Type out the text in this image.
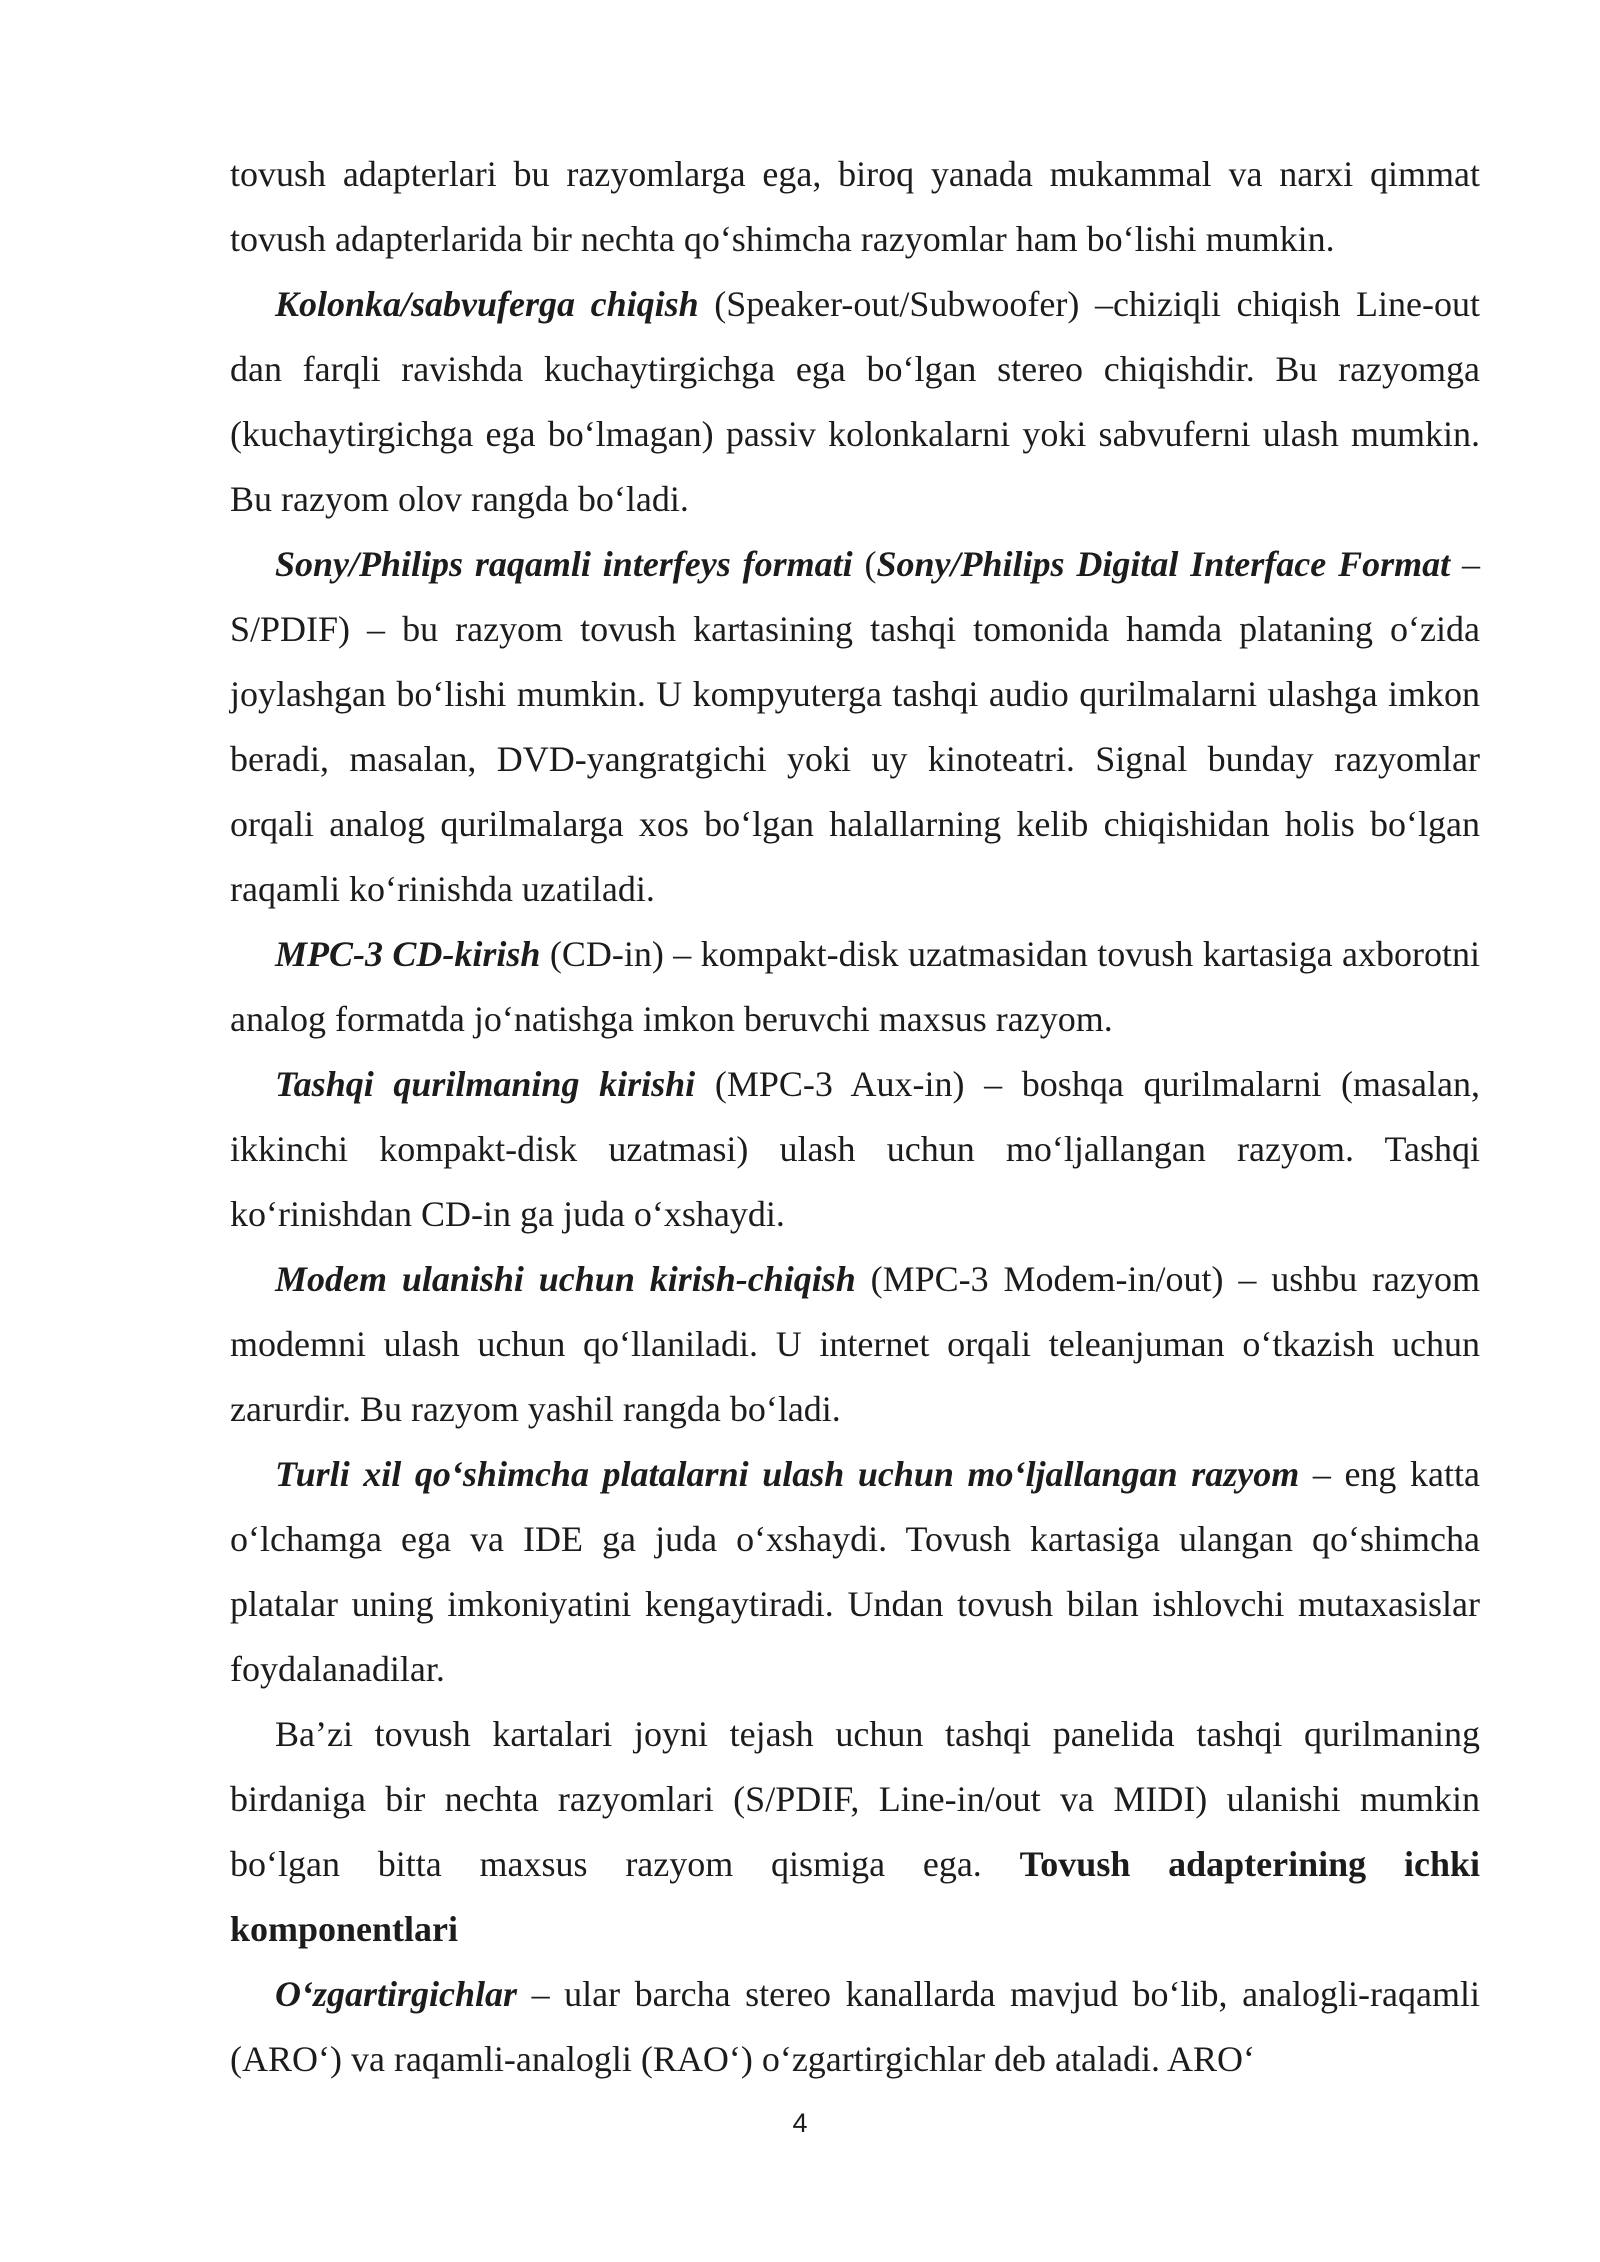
tovush adapterlari bu razyomlarga ega, biroq yanada mukammal va narxi qimmat tovush adapterlarida bir nechta qo‘shimcha razyomlar ham bo‘lishi mumkin.

Kolonka/sabvuferga chiqish (Speaker-out/Subwoofer) –chiziqli chiqish Line-out dan farqli ravishda kuchaytirgichga ega bo‘lgan stereo chiqishdir. Bu razyomga (kuchaytirgichga ega bo‘lmagan) passiv kolonkalarni yoki sabvuferni ulash mumkin. Bu razyom olov rangda bo‘ladi.

Sony/Philips raqamli interfeys formati (Sony/Philips Digital Interface Format – S/PDIF) – bu razyom tovush kartasining tashqi tomonida hamda plataning o‘zida joylashgan bo‘lishi mumkin. U kompyuterga tashqi audio qurilmalarni ulashga imkon beradi, masalan, DVD-yangratgichi yoki uy kinoteatri. Signal bunday razyomlar orqali analog qurilmalarga xos bo‘lgan halallarning kelib chiqishidan holis bo‘lgan raqamli ko‘rinishda uzatiladi.

MPC-3 CD-kirish (CD-in) – kompakt-disk uzatmasidan tovush kartasiga axborotni analog formatda jo‘natishga imkon beruvchi maxsus razyom.

Tashqi qurilmaning kirishi (MPC-3 Aux-in) – boshqa qurilmalarni (masalan, ikkinchi kompakt-disk uzatmasi) ulash uchun mo‘ljallangan razyom. Tashqi ko‘rinishdan CD-in ga juda o‘xshaydi.

Modem ulanishi uchun kirish-chiqish (MPC-3 Modem-in/out) – ushbu razyom modemni ulash uchun qo‘llaniladi. U internet orqali teleanjuman o‘tkazish uchun zarurdir. Bu razyom yashil rangda bo‘ladi.

Turli xil qo‘shimcha platalarni ulash uchun mo‘ljallangan razyom – eng katta o‘lchamga ega va IDE ga juda o‘xshaydi. Tovush kartasiga ulangan qo‘shimcha platalar uning imkoniyatini kengaytiradi. Undan tovush bilan ishlovchi mutaxasislar foydalanadilar.

Ba’zi tovush kartalari joyni tejash uchun tashqi panelida tashqi qurilmaning birdaniga bir nechta razyomlari (S/PDIF, Line-in/out va MIDI) ulanishi mumkin bo‘lgan bitta maxsus razyom qismiga ega. Tovush adapterining ichki komponentlari

O‘zgartirgichlar – ular barcha stereo kanallarda mavjud bo‘lib, analogli-raqamli (ARO‘) va raqamli-analogli (RAO‘) o‘zgartirgichlar deb ataladi. ARO‘

4
